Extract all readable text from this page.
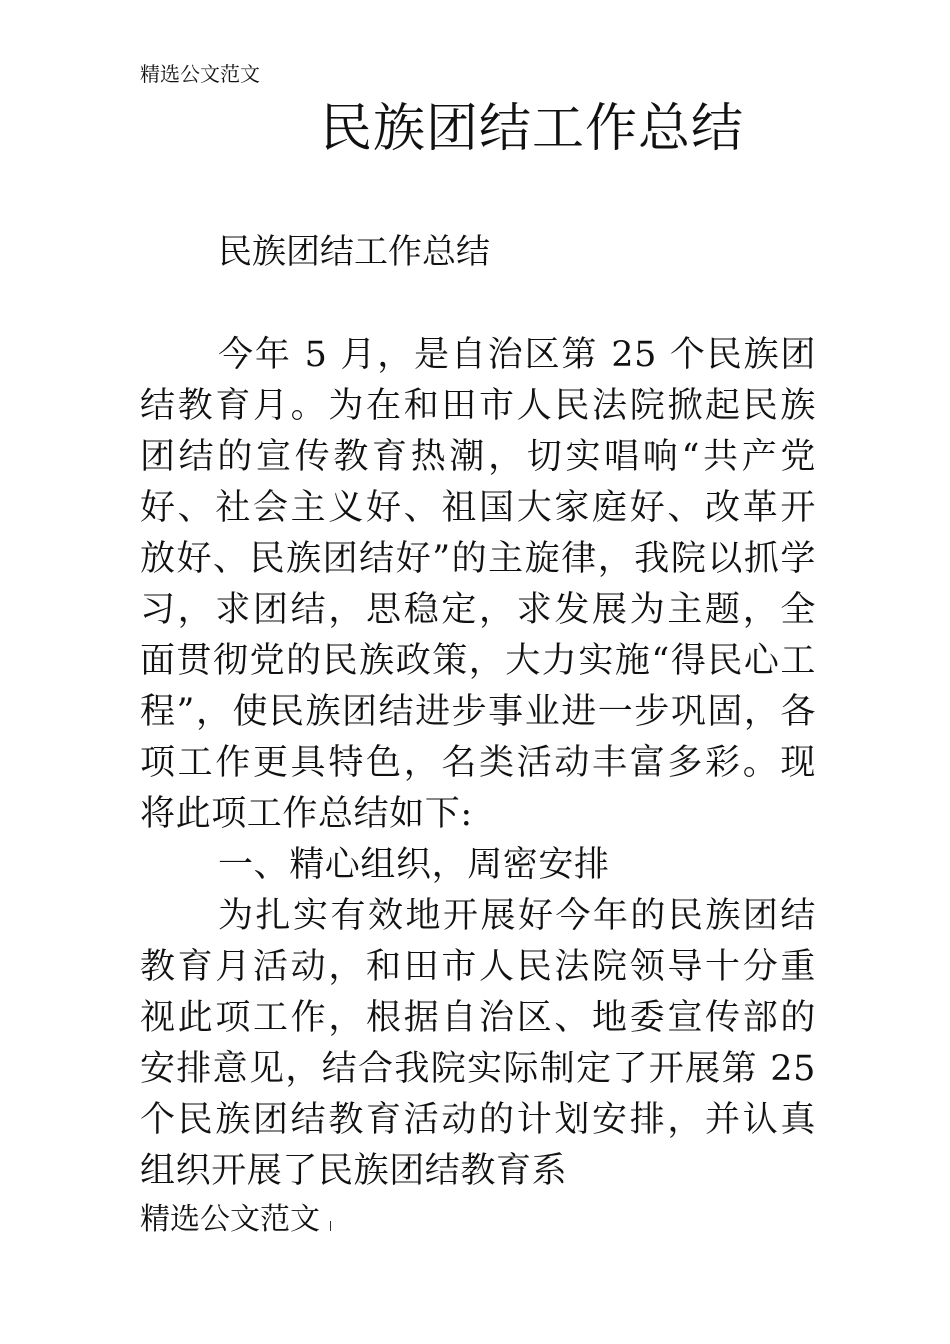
精选公文范文
民族团结工作总结
民族团结工作总结

今年 5 月，是自治区第 25 个民族团结教育月。为在和田市人民法院掀起民族团结的宣传教育热潮，切实唱响“共产党好、社会主义好、祖国大家庭好、改革开放好、民族团结好”的主旋律，我院以抓学习，求团结，思稳定，求发展为主题，全面贯彻党的民族政策，大力实施“得民心工程”，使民族团结进步事业进一步巩固，各项工作更具特色，名类活动丰富多彩。现将此项工作总结如下:

一、精心组织，周密安排

为扎实有效地开展好今年的民族团结教育月活动，和田市人民法院领导十分重视此项工作，根据自治区、地委宣传部的安排意见，结合我院实际制定了开展第 25 个民族团结教育活动的计划安排，并认真组织开展了民族团结教育系

精选公文范文
